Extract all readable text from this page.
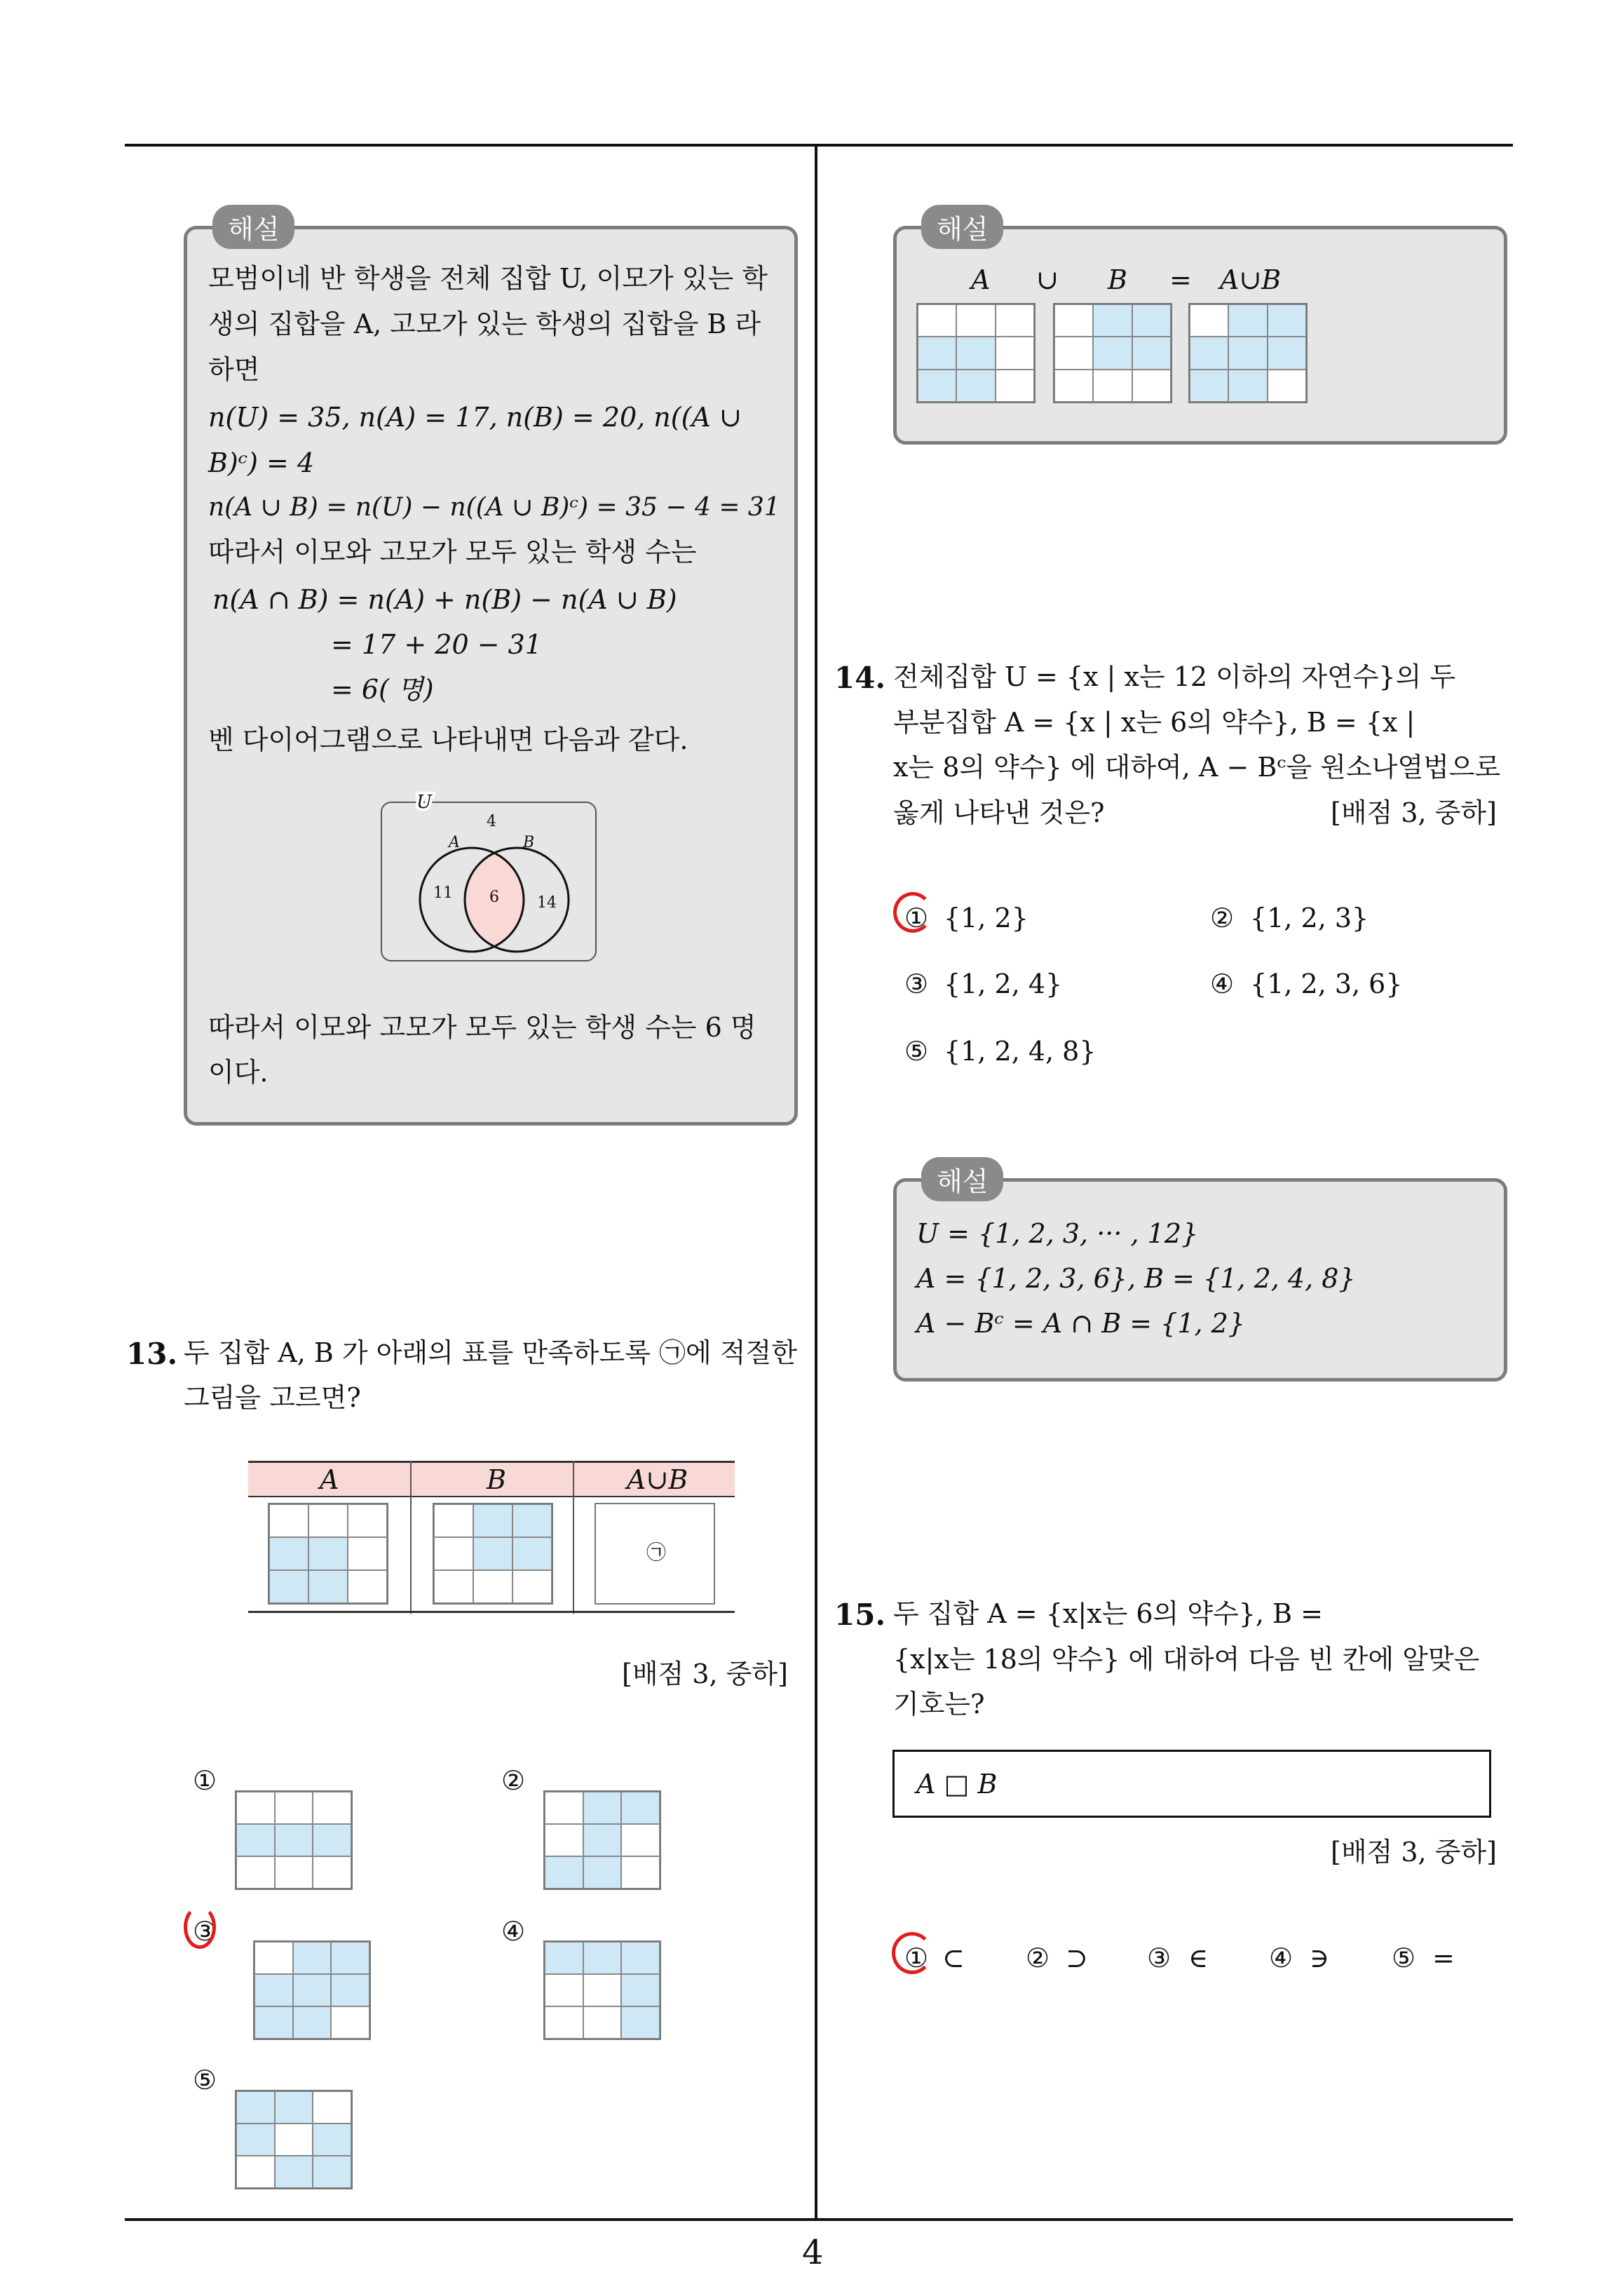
4
해설
모범이네 반 학생을 전체 집합 U, 이모가 있는 학
생의 집합을 A, 고모가 있는 학생의 집합을 B 라
하면
n(U) = 35, n(A) = 17, n(B) = 20, n((A ∪
B)ᶜ) = 4
n(A ∪ B) = n(U) − n((A ∪ B)ᶜ) = 35 − 4 = 31
따라서 이모와 고모가 모두 있는 학생 수는
n(A ∩ B) = n(A) + n(B) − n(A ∪ B)
= 17 + 20 − 31
= 6( 명)
벤 다이어그램으로 나타내면 다음과 같다.
U
4
A	B
11 6 14
따라서 이모와 고모가 모두 있는 학생 수는 6 명
이다.
13. 두 집합 A, B 가 아래의 표를 만족하도록 ㉠에 적절한
그림을 고르면?
A	B	A∪B
㉠
[배점 3, 중하]
①	②
③	④
⑤
해설
A ∪ B = A∪B
14. 전체집합 U = {x | x는 12 이하의 자연수}의 두
부분집합 A = {x | x는 6의 약수}, B = {x |
x는 8의 약수} 에 대하여, A − Bᶜ을 원소나열법으로
옳게 나타낸 것은?	[배점 3, 중하]
① {1, 2}	② {1, 2, 3}
③ {1, 2, 4}	④ {1, 2, 3, 6}
⑤ {1, 2, 4, 8}
해설
U = {1, 2, 3, ··· , 12}
A = {1, 2, 3, 6}, B = {1, 2, 4, 8}
A − Bᶜ = A ∩ B = {1, 2}
15. 두 집합 A = {x|x는 6의 약수}, B =
{x|x는 18의 약수} 에 대하여 다음 빈 칸에 알맞은
기호는?
A □ B
[배점 3, 중하]
① ⊂ ② ⊃ ③ ∈ ④ ∋ ⑤ =
